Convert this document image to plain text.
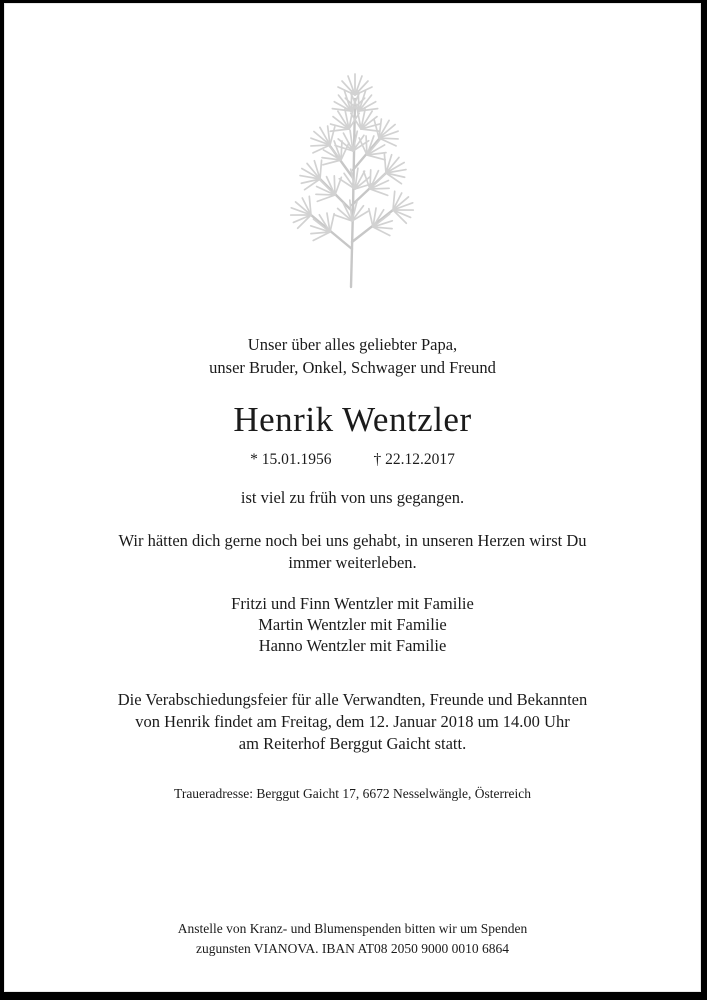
Unser über alles geliebter Papa,
unser Bruder, Onkel, Schwager und Freund
Henrik Wentzler
* 15.01.1956	† 22.12.2017
ist viel zu früh von uns gegangen.
Wir hätten dich gerne noch bei uns gehabt, in unseren Herzen wirst Du
immer weiterleben.
Fritzi und Finn Wentzler mit Familie
Martin Wentzler mit Familie
Hanno Wentzler mit Familie
Die Verabschiedungsfeier für alle Verwandten, Freunde und Bekannten
von Henrik findet am Freitag, dem 12. Januar 2018 um 14.00 Uhr
am Reiterhof Berggut Gaicht statt.
Traueradresse: Berggut Gaicht 17, 6672 Nesselwängle, Österreich
Anstelle von Kranz- und Blumenspenden bitten wir um Spenden
zugunsten VIANOVA. IBAN AT08 2050 9000 0010 6864
